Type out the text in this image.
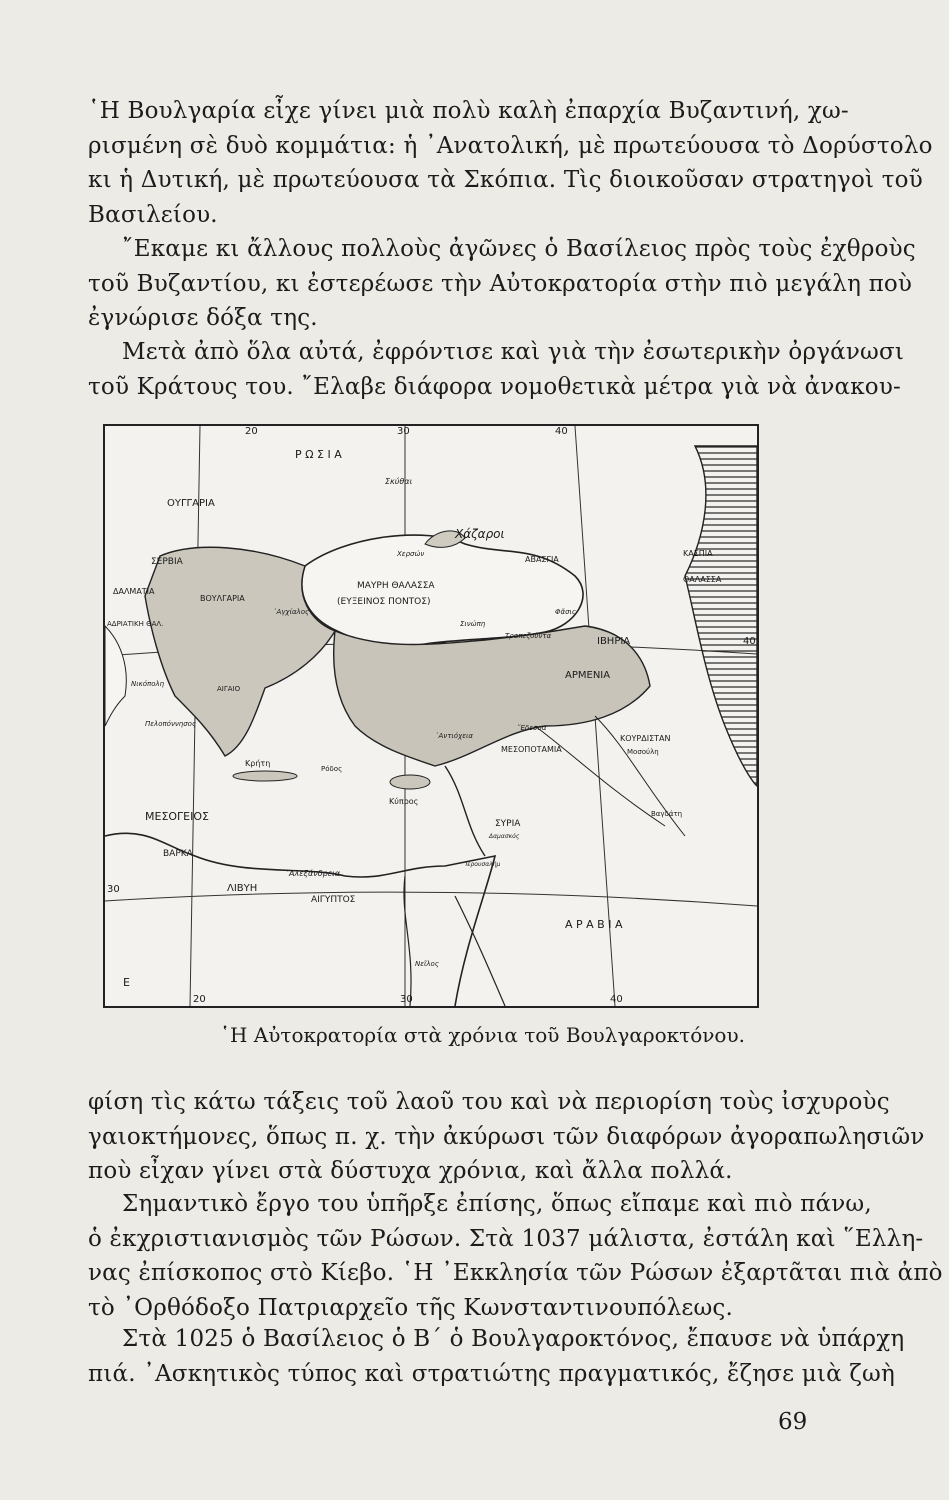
῾Η Βουλγαρία εἶχε γίνει μιὰ πολὺ καλὴ ἐπαρχία Βυζαντινή, χω-
ρισμένη σὲ δυὸ κομμάτια: ἡ ᾿Ανατολική, μὲ πρωτεύουσα τὸ Δορύστολο
κι ἡ Δυτική, μὲ πρωτεύουσα τὰ Σκόπια. Τὶς διοικοῦσαν στρατηγοὶ τοῦ
Βασιλείου.
῎Εκαμε κι ἄλλους πολλοὺς ἀγῶνες ὁ Βασίλειος πρὸς τοὺς ἐχθροὺς
τοῦ Βυζαντίου, κι ἐστερέωσε τὴν Αὐτοκρατορία στὴν πιὸ μεγάλη ποὺ
ἐγνώρισε δόξα της.
Μετὰ ἀπὸ ὅλα αὐτά, ἐφρόντισε καὶ γιὰ τὴν ἐσωτερικὴν ὀργάνωσι
τοῦ Κράτους του. ῎Ελαβε διάφορα νομοθετικὰ μέτρα γιὰ νὰ ἀνακου-
20	30	40
20	30	40
40
30
E
Ρ Ω Σ Ι Α
ΟΥΓΓΑΡΙΑ
ΣΕΡΒΙΑ
ΔΑΛΜΑΤΙΑ
ΒΟΥΛΓΑΡΙΑ
ΑΔΡΙΑΤΙΚΗ ΘΑΛ.
ΜΑΥΡΗ ΘΑΛΑΣΣΑ
(ΕΥΞΕΙΝΟΣ ΠΟΝΤΟΣ)
Χάζαροι
ΑΒΑΣΓΙΑ
ΚΑΣΠΙΑ
ΘΑΛΑΣΣΑ
ΙΒΗΡΙΑ
ΑΡΜΕΝΙΑ
ΚΟΥΡΔΙΣΤΑΝ
ΜΕΣΟΠΟΤΑΜΙΑ	Μοσούλη
Βαγδάτη
ΜΕΣΟΓΕΙΟΣ
ΒΑΡΚΑ
ΛΙΒΥΗ
ΑΙΓΥΠΤΟΣ
᾿Αλεξάνδρεια
ΣΥΡΙΑ
Δαμασκός
Ἱερουσαλήμ
Κύπρος
Κρήτη
Ρόδος
Α Ρ Α Β Ι Α
Νεῖλος
ΑΙΓΑΙΟ
Νικόπολη
Πελοπόννησος
᾿Αγχίαλος
Χερσών
Φᾶσις
Τραπεζοῦντα
Σινώπη
῎Εδεσσα
᾿Αντιόχεια
Σκύθαι
῾Η Αὐτοκρατορία στὰ χρόνια τοῦ Βουλγαροκτόνου.
φίση τὶς κάτω τάξεις τοῦ λαοῦ του καὶ νὰ περιορίση τοὺς ἰσχυροὺς
γαιοκτήμονες, ὅπως π. χ. τὴν ἀκύρωσι τῶν διαφόρων ἀγοραπωλησιῶν
ποὺ εἶχαν γίνει στὰ δύστυχα χρόνια, καὶ ἄλλα πολλά.
Σημαντικὸ ἔργο του ὑπῆρξε ἐπίσης, ὅπως εἴπαμε καὶ πιὸ πάνω,
ὁ ἐκχριστιανισμὸς τῶν Ρώσων. Στὰ 1037 μάλιστα, ἐστάλη καὶ ῞Ελλη-
νας ἐπίσκοπος στὸ Κίεβο. ῾Η ᾿Εκκλησία τῶν Ρώσων ἐξαρτᾶται πιὰ ἀπὸ
τὸ ᾿Ορθόδοξο Πατριαρχεῖο τῆς Κωνσταντινουπόλεως.
Στὰ 1025 ὁ Βασίλειος ὁ Β΄ ὁ Βουλγαροκτόνος, ἔπαυσε νὰ ὑπάρχη
πιά. ᾿Ασκητικὸς τύπος καὶ στρατιώτης πραγματικός, ἔζησε μιὰ ζωὴ
69
